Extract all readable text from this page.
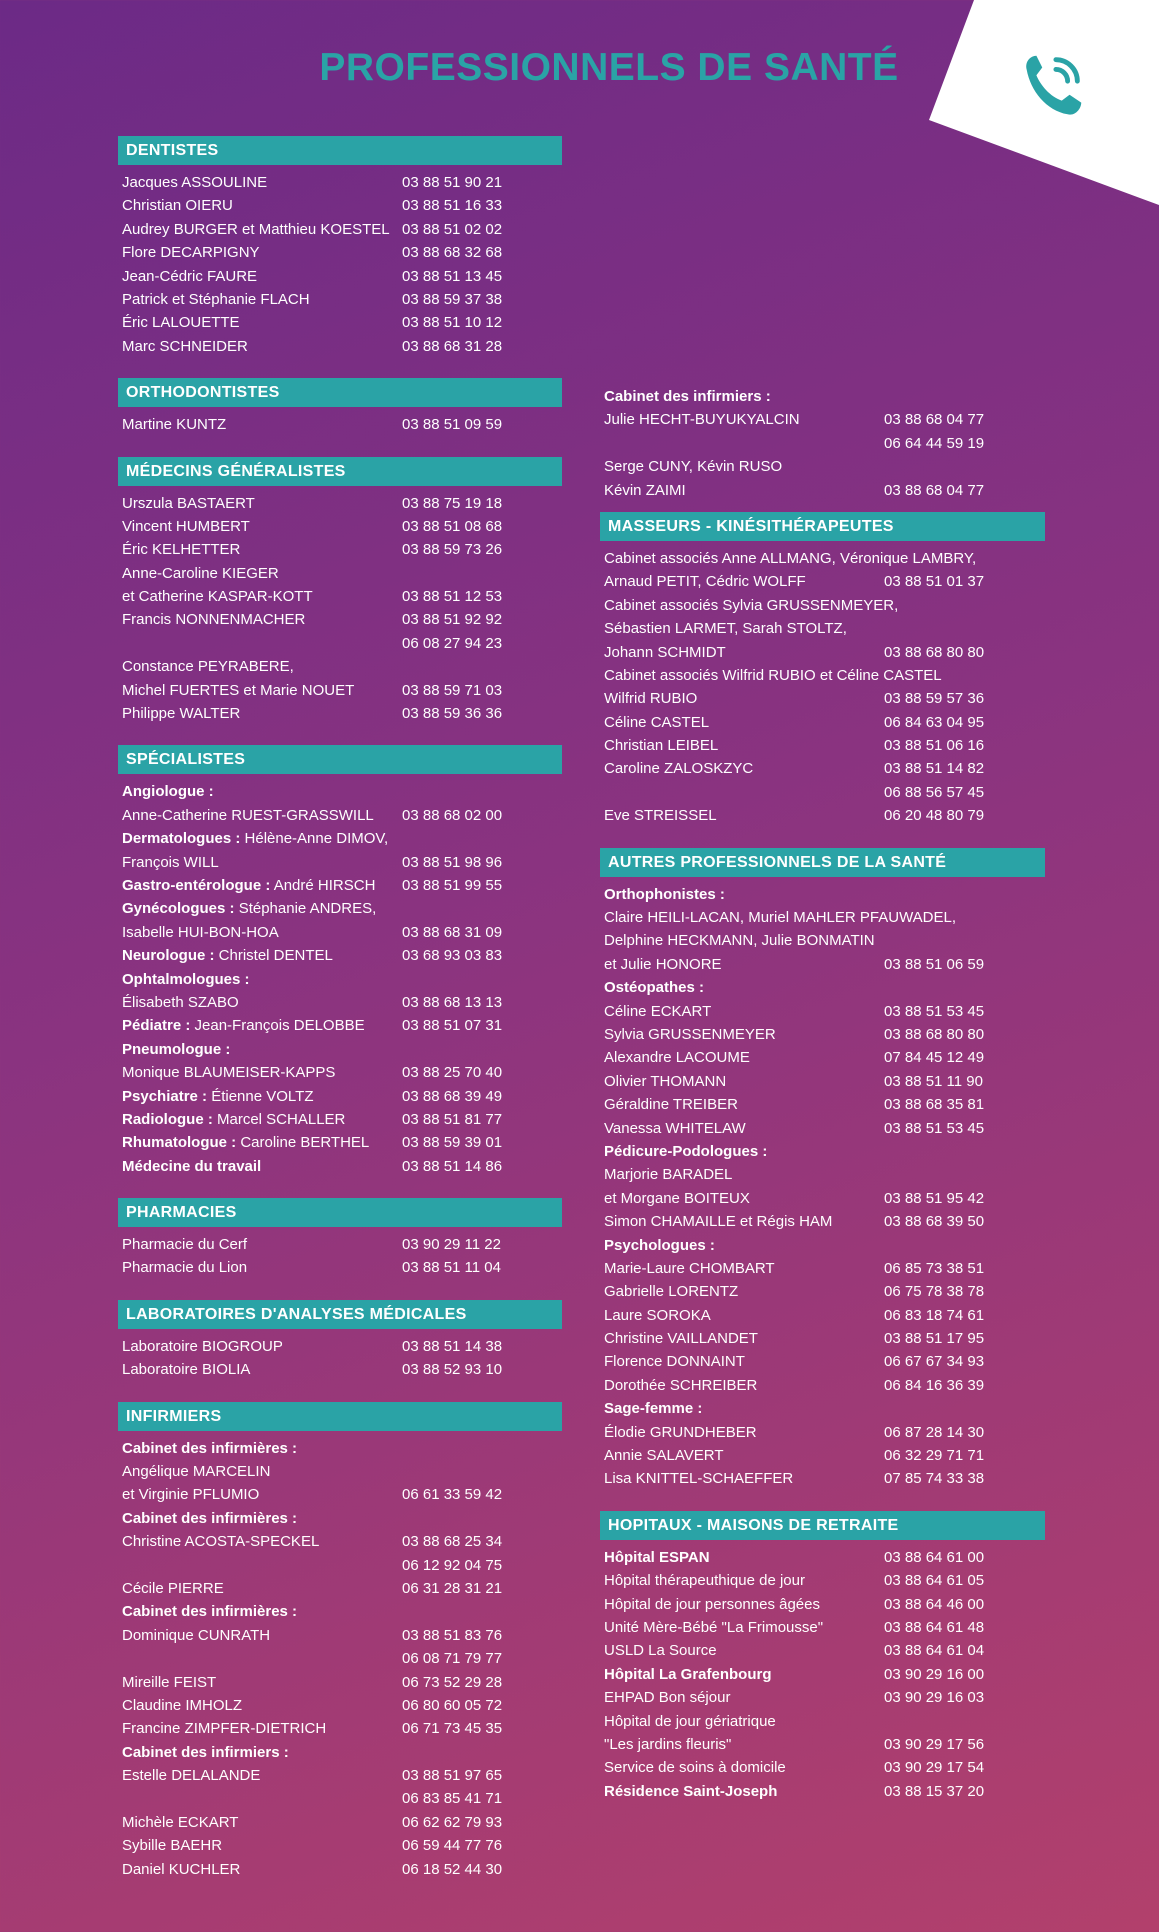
PROFESSIONNELS DE SANTÉ
DENTISTES
Jacques ASSOULINE	03 88 51 90 21
Christian OIERU	03 88 51 16 33
Audrey BURGER et Matthieu KOESTEL 03 88 51 02 02
Flore DECARPIGNY	03 88 68 32 68
Jean-Cédric FAURE	03 88 51 13 45
Patrick et Stéphanie FLACH	03 88 59 37 38
Éric LALOUETTE	03 88 51 10 12
Marc SCHNEIDER	03 88 68 31 28
ORTHODONTISTES
Martine KUNTZ	03 88 51 09 59
MÉDECINS GÉNÉRALISTES
Urszula BASTAERT	03 88 75 19 18
Vincent HUMBERT	03 88 51 08 68
Éric KELHETTER	03 88 59 73 26
Anne-Caroline KIEGER
et Catherine KASPAR-KOTT	03 88 51 12 53
Francis NONNENMACHER	03 88 51 92 92
06 08 27 94 23
Constance PEYRABERE,
Michel FUERTES et Marie NOUET	03 88 59 71 03
Philippe WALTER	03 88 59 36 36
SPÉCIALISTES
Angiologue :
Anne-Catherine RUEST-GRASSWILL	03 88 68 02 00
Dermatologues : Hélène-Anne DIMOV,
François WILL	03 88 51 98 96
Gastro-entérologue : André HIRSCH	03 88 51 99 55
Gynécologues : Stéphanie ANDRES,
Isabelle HUI-BON-HOA	03 88 68 31 09
Neurologue : Christel DENTEL	03 68 93 03 83
Ophtalmologues :
Élisabeth SZABO	03 88 68 13 13
Pédiatre : Jean-François DELOBBE	03 88 51 07 31
Pneumologue :
Monique BLAUMEISER-KAPPS	03 88 25 70 40
Psychiatre : Étienne VOLTZ	03 88 68 39 49
Radiologue : Marcel SCHALLER	03 88 51 81 77
Rhumatologue : Caroline BERTHEL	03 88 59 39 01
Médecine du travail	03 88 51 14 86
PHARMACIES
Pharmacie du Cerf	03 90 29 11 22
Pharmacie du Lion	03 88 51 11 04
LABORATOIRES D'ANALYSES MÉDICALES
Laboratoire BIOGROUP	03 88 51 14 38
Laboratoire BIOLIA	03 88 52 93 10
INFIRMIERS
Cabinet des infirmières :
Angélique MARCELIN
et Virginie PFLUMIO	06 61 33 59 42
Cabinet des infirmières :
Christine ACOSTA-SPECKEL	03 88 68 25 34
06 12 92 04 75
Cécile PIERRE	06 31 28 31 21
Cabinet des infirmières :
Dominique CUNRATH	03 88 51 83 76
06 08 71 79 77
Mireille FEIST	06 73 52 29 28
Claudine IMHOLZ	06 80 60 05 72
Francine ZIMPFER-DIETRICH	06 71 73 45 35
Cabinet des infirmiers :
Estelle DELALANDE	03 88 51 97 65
06 83 85 41 71
Michèle ECKART	06 62 62 79 93
Sybille BAEHR	06 59 44 77 76
Daniel KUCHLER	06 18 52 44 30
Cabinet des infirmiers :
Julie HECHT-BUYUKYALCIN	03 88 68 04 77
06 64 44 59 19
Serge CUNY, Kévin RUSO
Kévin ZAIMI	03 88 68 04 77
MASSEURS - KINÉSITHÉRAPEUTES
Cabinet associés Anne ALLMANG, Véronique LAMBRY,
Arnaud PETIT, Cédric WOLFF	03 88 51 01 37
Cabinet associés Sylvia GRUSSENMEYER,
Sébastien LARMET, Sarah STOLTZ,
Johann SCHMIDT	03 88 68 80 80
Cabinet associés Wilfrid RUBIO et Céline CASTEL
Wilfrid RUBIO	03 88 59 57 36
Céline CASTEL	06 84 63 04 95
Christian LEIBEL	03 88 51 06 16
Caroline ZALOSKZYC	03 88 51 14 82
06 88 56 57 45
Eve STREISSEL	06 20 48 80 79
AUTRES PROFESSIONNELS DE LA SANTÉ
Orthophonistes :
Claire HEILI-LACAN, Muriel MAHLER PFAUWADEL,
Delphine HECKMANN, Julie BONMATIN
et Julie HONORE	03 88 51 06 59
Ostéopathes :
Céline ECKART	03 88 51 53 45
Sylvia GRUSSENMEYER	03 88 68 80 80
Alexandre LACOUME	07 84 45 12 49
Olivier THOMANN	03 88 51 11 90
Géraldine TREIBER	03 88 68 35 81
Vanessa WHITELAW	03 88 51 53 45
Pédicure-Podologues :
Marjorie BARADEL
et Morgane BOITEUX	03 88 51 95 42
Simon CHAMAILLE et Régis HAM	03 88 68 39 50
Psychologues :
Marie-Laure CHOMBART	06 85 73 38 51
Gabrielle LORENTZ	06 75 78 38 78
Laure SOROKA	06 83 18 74 61
Christine VAILLANDET	03 88 51 17 95
Florence DONNAINT	06 67 67 34 93
Dorothée SCHREIBER	06 84 16 36 39
Sage-femme :
Élodie GRUNDHEBER	06 87 28 14 30
Annie SALAVERT	06 32 29 71 71
Lisa KNITTEL-SCHAEFFER	07 85 74 33 38
HOPITAUX - MAISONS DE RETRAITE
Hôpital ESPAN	03 88 64 61 00
Hôpital thérapeuthique de jour	03 88 64 61 05
Hôpital de jour personnes âgées	03 88 64 46 00
Unité Mère-Bébé "La Frimousse"	03 88 64 61 48
USLD La Source	03 88 64 61 04
Hôpital La Grafenbourg	03 90 29 16 00
EHPAD Bon séjour	03 90 29 16 03
Hôpital de jour gériatrique
"Les jardins fleuris"	03 90 29 17 56
Service de soins à domicile	03 90 29 17 54
Résidence Saint-Joseph	03 88 15 37 20
